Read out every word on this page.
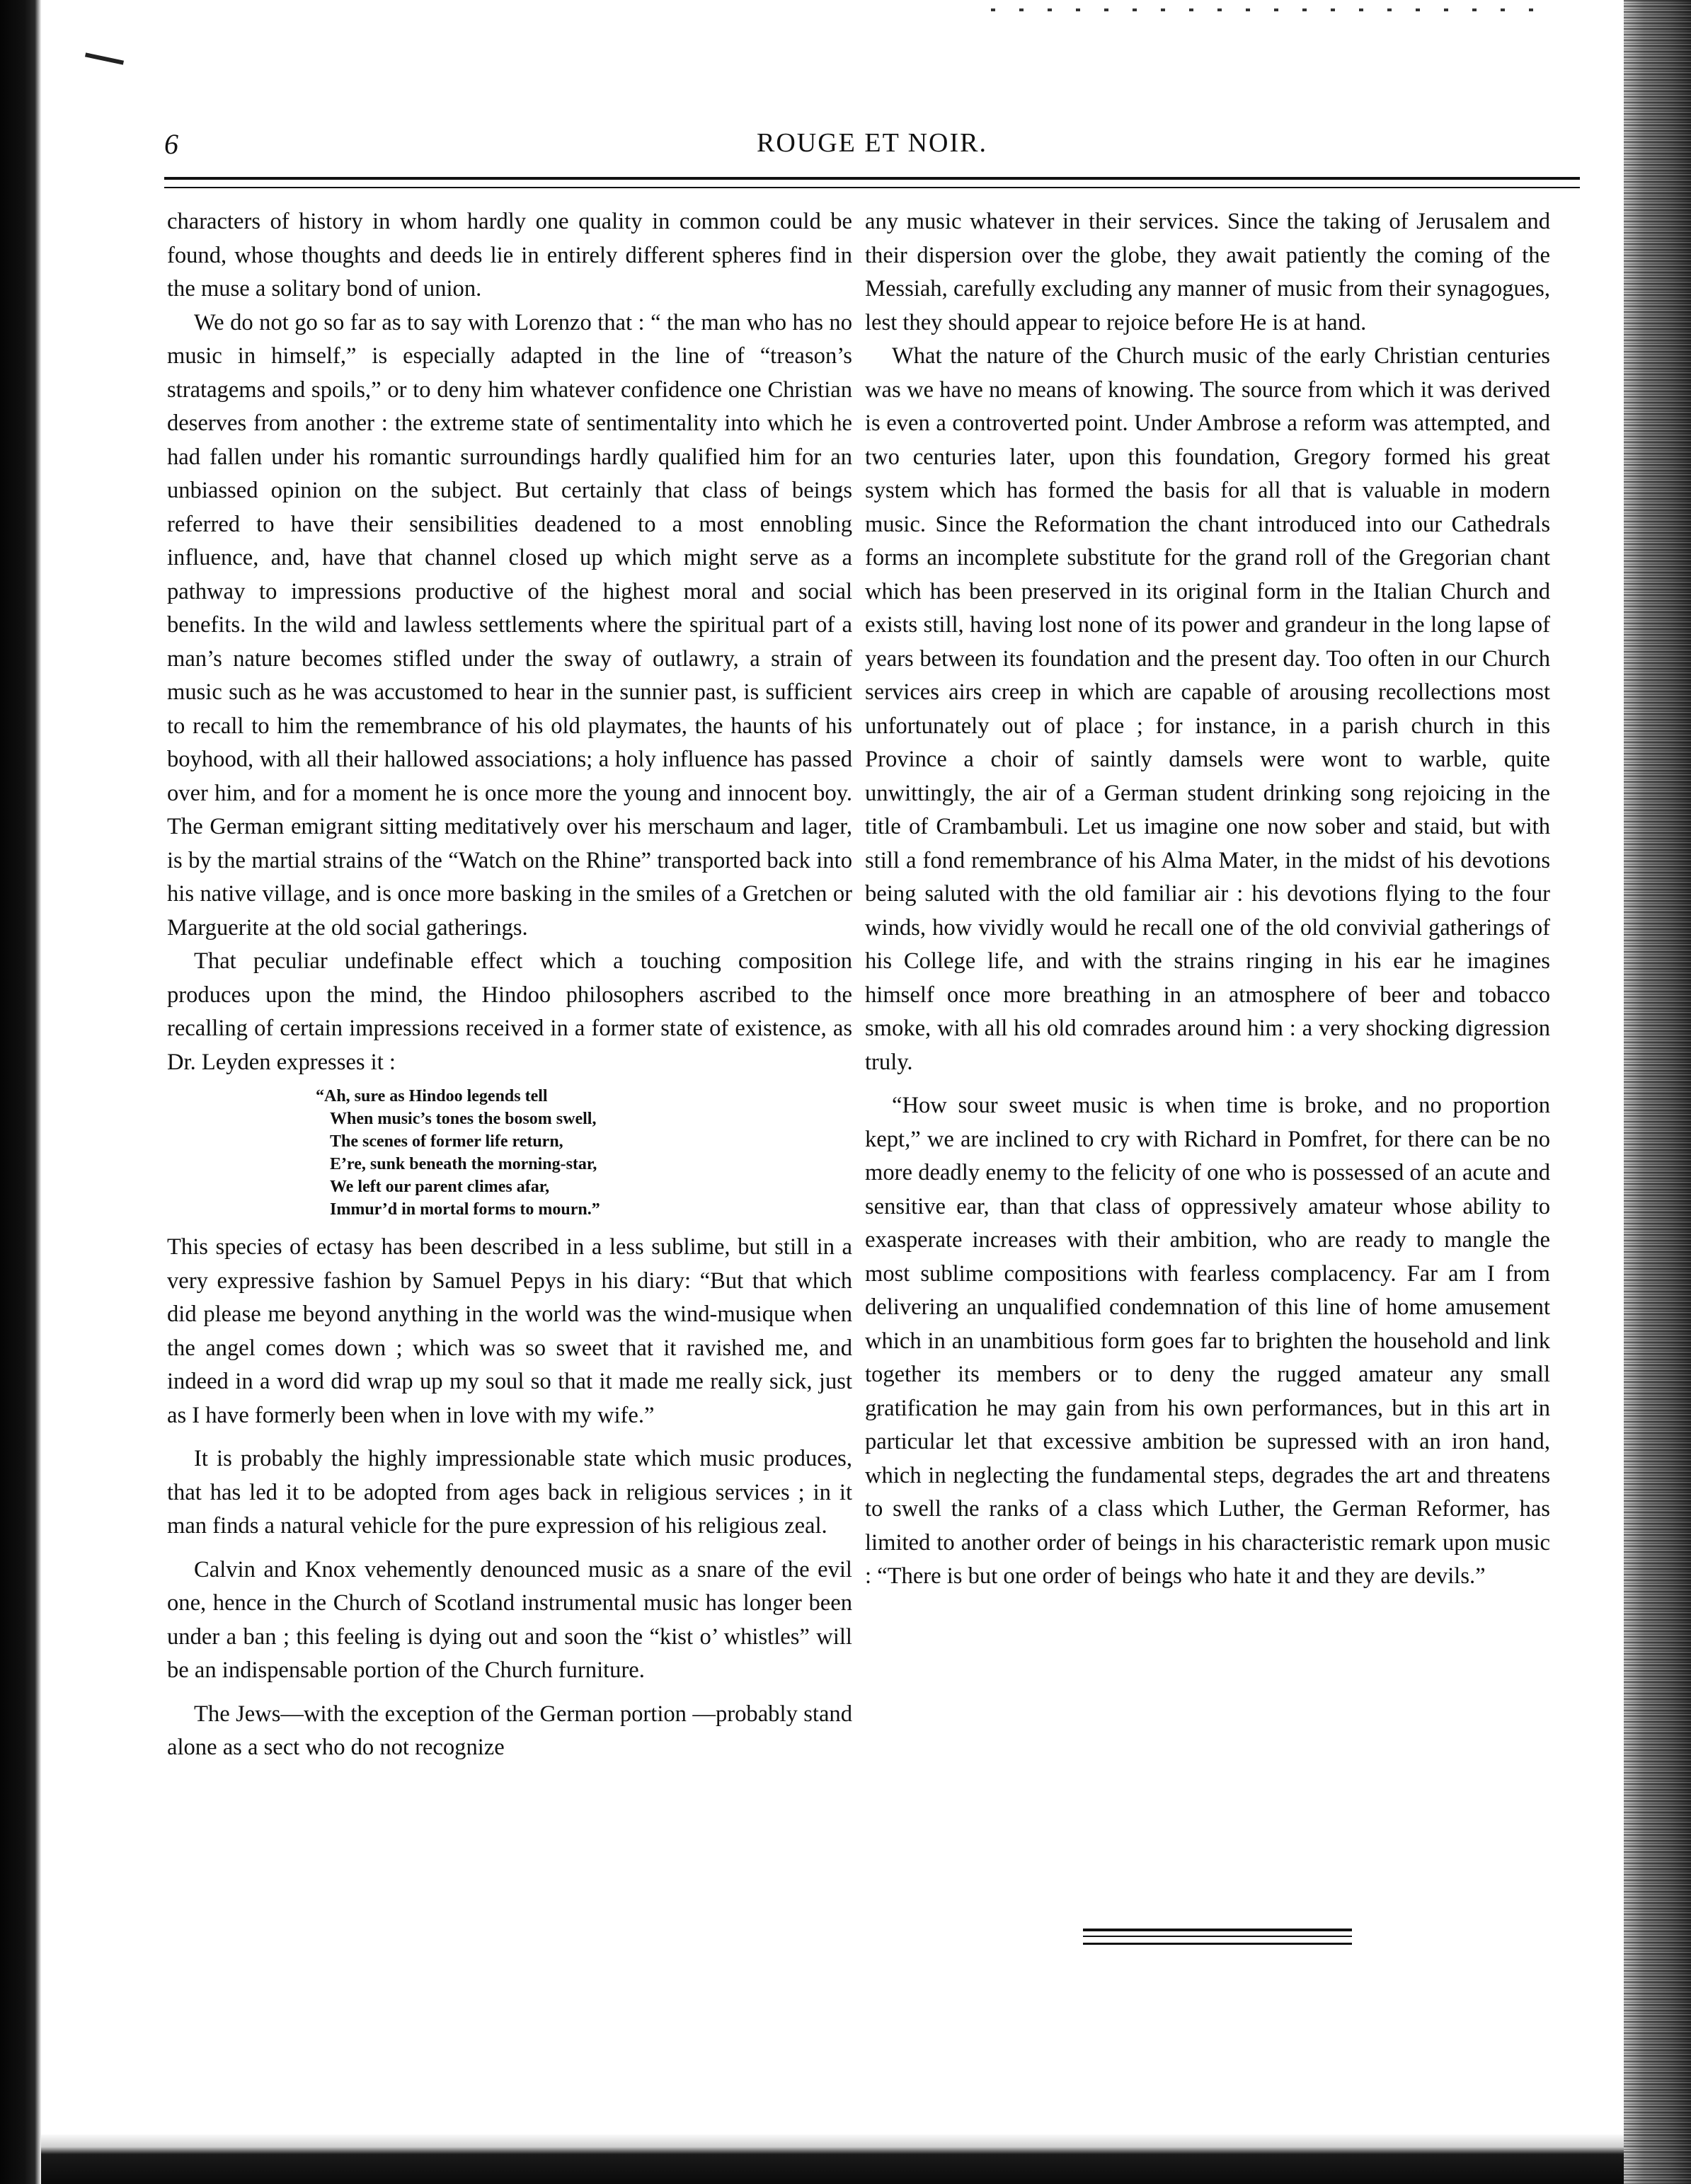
6	ROUGE ET NOIR.

characters of history in whom hardly one quality in common could be found, whose thoughts and deeds lie in entirely different spheres find in the muse a solitary bond of union.

We do not go so far as to say with Lorenzo that : “ the man who has no music in himself,” is especially adapted in the line of “treason’s stratagems and spoils,” or to deny him whatever confidence one Christian deserves from another : the extreme state of sentimentality into which he had fallen under his romantic surroundings hardly qualified him for an unbiassed opinion on the subject. But certainly that class of beings referred to have their sensibilities deadened to a most ennobling influence, and, have that channel closed up which might serve as a pathway to impressions productive of the highest moral and social benefits. In the wild and lawless settlements where the spiritual part of a man’s nature becomes stifled under the sway of outlawry, a strain of music such as he was accustomed to hear in the sunnier past, is sufficient to recall to him the remembrance of his old playmates, the haunts of his boyhood, with all their hallowed associations; a holy influence has passed over him, and for a moment he is once more the young and innocent boy. The German emigrant sitting meditatively over his merschaum and lager, is by the martial strains of the “Watch on the Rhine” transported back into his native village, and is once more basking in the smiles of a Gretchen or Marguerite at the old social gatherings.

That peculiar undefinable effect which a touching composition produces upon the mind, the Hindoo philosophers ascribed to the recalling of certain impressions received in a former state of existence, as Dr. Leyden expresses it :

“Ah, sure as Hindoo legends tell
When music’s tones the bosom swell,
The scenes of former life return,
E’re, sunk beneath the morning-star,
We left our parent climes afar,
Immur’d in mortal forms to mourn.”

This species of ectasy has been described in a less sublime, but still in a very expressive fashion by Samuel Pepys in his diary: “But that which did please me beyond anything in the world was the wind-musique when the angel comes down ; which was so sweet that it ravished me, and indeed in a word did wrap up my soul so that it made me really sick, just as I have formerly been when in love with my wife.”

It is probably the highly impressionable state which music produces, that has led it to be adopted from ages back in religious services ; in it man finds a natural vehicle for the pure expression of his religious zeal.

Calvin and Knox vehemently denounced music as a snare of the evil one, hence in the Church of Scotland instrumental music has longer been under a ban ; this feeling is dying out and soon the “kist o’ whistles” will be an indispensable portion of the Church furniture.

The Jews—with the exception of the German portion —probably stand alone as a sect who do not recognize

any music whatever in their services. Since the taking of Jerusalem and their dispersion over the globe, they await patiently the coming of the Messiah, carefully excluding any manner of music from their synagogues, lest they should appear to rejoice before He is at hand.

What the nature of the Church music of the early Christian centuries was we have no means of knowing. The source from which it was derived is even a controverted point. Under Ambrose a reform was attempted, and two centuries later, upon this foundation, Gregory formed his great system which has formed the basis for all that is valuable in modern music. Since the Reformation the chant introduced into our Cathedrals forms an incomplete substitute for the grand roll of the Gregorian chant which has been preserved in its original form in the Italian Church and exists still, having lost none of its power and grandeur in the long lapse of years between its foundation and the present day. Too often in our Church services airs creep in which are capable of arousing recollections most unfortunately out of place ; for instance, in a parish church in this Province a choir of saintly damsels were wont to warble, quite unwittingly, the air of a German student drinking song rejoicing in the title of Crambambuli. Let us imagine one now sober and staid, but with still a fond remembrance of his Alma Mater, in the midst of his devotions being saluted with the old familiar air : his devotions flying to the four winds, how vividly would he recall one of the old convivial gatherings of his College life, and with the strains ringing in his ear he imagines himself once more breathing in an atmosphere of beer and tobacco smoke, with all his old comrades around him : a very shocking digression truly.

“How sour sweet music is when time is broke, and no proportion kept,” we are inclined to cry with Richard in Pomfret, for there can be no more deadly enemy to the felicity of one who is possessed of an acute and sensitive ear, than that class of oppressively amateur whose ability to exasperate increases with their ambition, who are ready to mangle the most sublime compositions with fearless complacency. Far am I from delivering an unqualified condemnation of this line of home amusement which in an unambitious form goes far to brighten the household and link together its members or to deny the rugged amateur any small gratification he may gain from his own performances, but in this art in particular let that excessive ambition be supressed with an iron hand, which in neglecting the fundamental steps, degrades the art and threatens to swell the ranks of a class which Luther, the German Reformer, has limited to another order of beings in his characteristic remark upon music : “There is but one order of beings who hate it and they are devils.”
